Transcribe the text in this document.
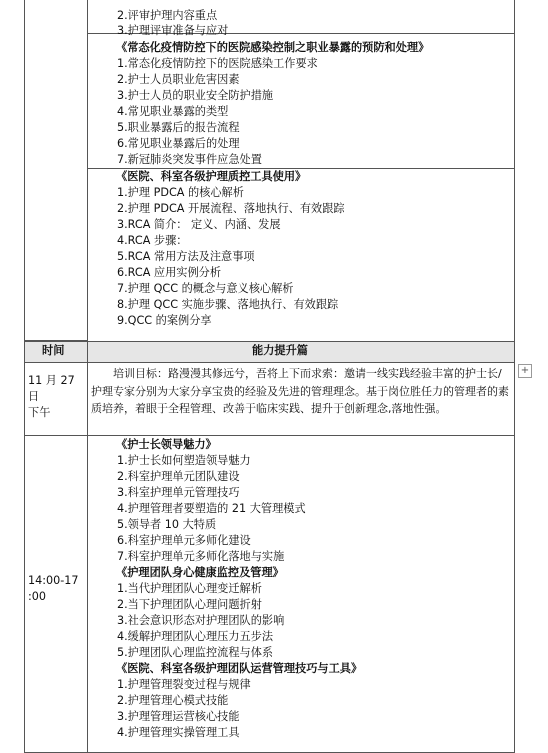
2.评审护理内容重点
3.护理评审准备与应对
《常态化疫情防控下的医院感染控制之职业暴露的预防和处理》
1.常态化疫情防控下的医院感染工作要求
2.护士人员职业危害因素
3.护士人员的职业安全防护措施
4.常见职业暴露的类型
5.职业暴露后的报告流程
6.常见职业暴露后的处理
7.新冠肺炎突发事件应急处置
《医院、科室各级护理质控工具使用》
1.护理 PDCA 的核心解析
2.护理 PDCA 开展流程、落地执行、有效跟踪
3.RCA 简介： 定义、内涵、发展
4.RCA 步骤：
5.RCA 常用方法及注意事项
6.RCA 应用实例分析
7.护理 QCC 的概念与意义核心解析
8.护理 QCC 实施步骤、落地执行、有效跟踪
9.QCC 的案例分享
时间	能力提升篇
11 月 27
日
下午
培训目标：路漫漫其修远兮，吾将上下而求索：邀请一线实践经验丰富的护士长/护理专家分别为大家分享宝贵的经验及先进的管理理念。基于岗位胜任力的管理者的素质培养，着眼于全程管理、改善于临床实践、提升于创新理念,落地性强。
+
14:00-17
:00
《护士长领导魅力》
1.护士长如何塑造领导魅力
2.科室护理单元团队建设
3.科室护理单元管理技巧
4.护理管理者要塑造的 21 大管理模式
5.领导者 10 大特质
6.科室护理单元多师化建设
7.科室护理单元多师化落地与实施
《护理团队身心健康监控及管理》
1.当代护理团队心理变迁解析
2.当下护理团队心理问题折射
3.社会意识形态对护理团队的影响
4.缓解护理团队心理压力五步法
5.护理团队心理监控流程与体系
《医院、科室各级护理团队运营管理技巧与工具》
1.护理管理裂变过程与规律
2.护理管理心模式技能
3.护理管理运营核心技能
4.护理管理实操管理工具
